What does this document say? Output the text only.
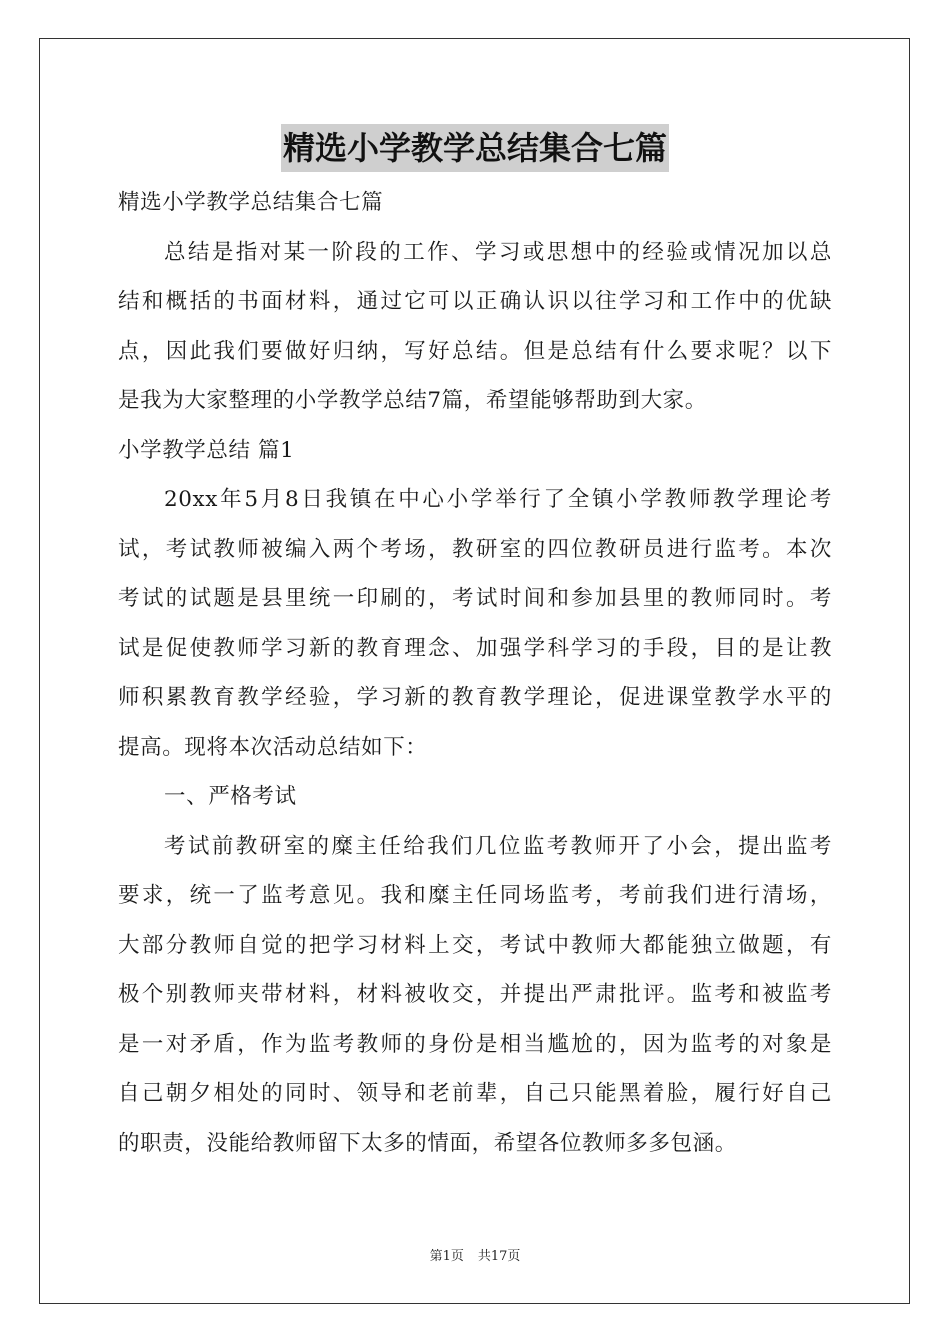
精选小学教学总结集合七篇
精选小学教学总结集合七篇
总结是指对某一阶段的工作、学习或思想中的经验或情况加以总
结和概括的书面材料，通过它可以正确认识以往学习和工作中的优缺
点，因此我们要做好归纳，写好总结。但是总结有什么要求呢？以下
是我为大家整理的小学教学总结7篇，希望能够帮助到大家。
小学教学总结 篇1
20xx年5月8日我镇在中心小学举行了全镇小学教师教学理论考
试，考试教师被编入两个考场，教研室的四位教研员进行监考。本次
考试的试题是县里统一印刷的，考试时间和参加县里的教师同时。考
试是促使教师学习新的教育理念、加强学科学习的手段，目的是让教
师积累教育教学经验，学习新的教育教学理论，促进课堂教学水平的
提高。现将本次活动总结如下：
一、严格考试
考试前教研室的糜主任给我们几位监考教师开了小会，提出监考
要求，统一了监考意见。我和糜主任同场监考，考前我们进行清场，
大部分教师自觉的把学习材料上交，考试中教师大都能独立做题，有
极个别教师夹带材料，材料被收交，并提出严肃批评。监考和被监考
是一对矛盾，作为监考教师的身份是相当尴尬的，因为监考的对象是
自己朝夕相处的同时、领导和老前辈，自己只能黑着脸，履行好自己
的职责，没能给教师留下太多的情面，希望各位教师多多包涵。
第1页 共17页
